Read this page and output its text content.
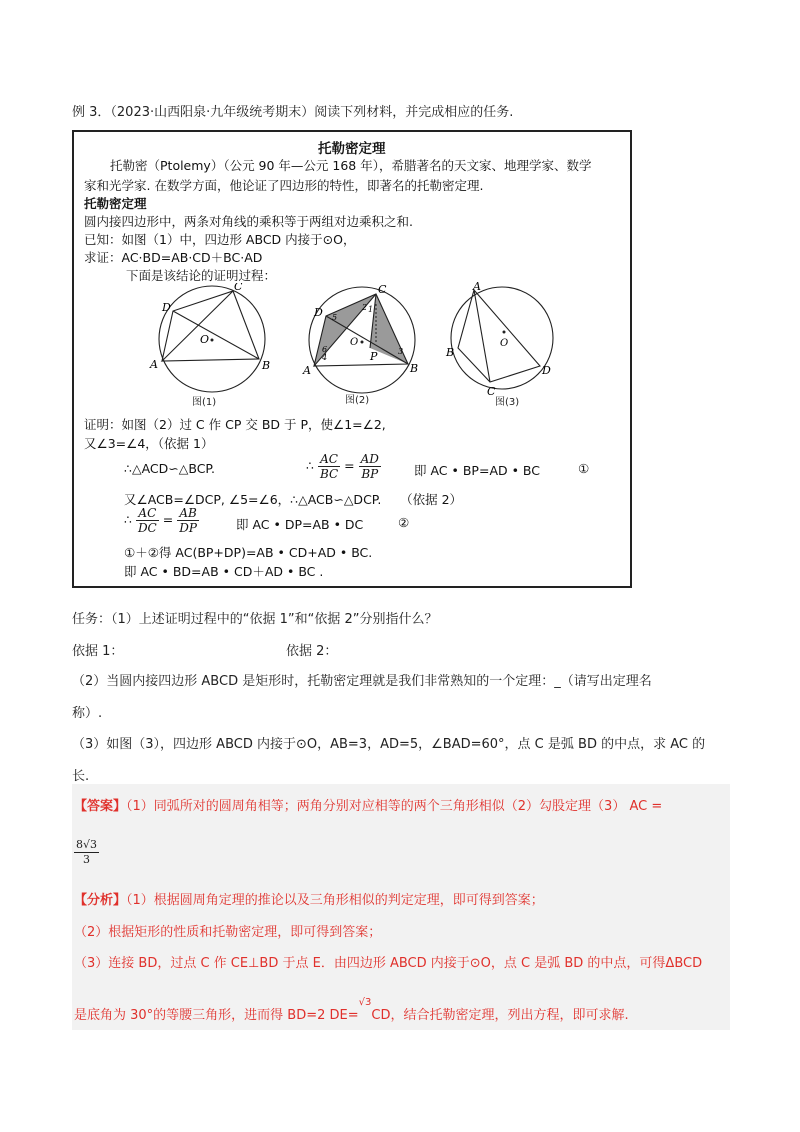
例 3．（2023·山西阳泉·九年级统考期末）阅读下列材料，并完成相应的任务.
托勒密定理
托勒密（Ptolemy）（公元 90 年—公元 168 年），希腊著名的天文家、地理学家、数学
家和光学家. 在数学方面，他论证了四边形的特性，即著名的托勒密定理.
托勒密定理
圆内接四边形中，两条对角线的乘积等于两组对边乘积之和.
已知：如图（1）中，四边形 ABCD 内接于⊙O，
求证：AC·BD=AB·CD＋BC·AD
下面是该结论的证明过程：
A	B
C
D
O
图(1)
A	B
C
D
O
P
1
2
3
4
5
6
图(2)
A
B
C
D
O
图(3)
证明：如图（2）过 C 作 CP 交 BD 于 P，使∠1=∠2,
又∠3=∠4，（依据 1）
∴△ACD∽△BCP.	∴ $\frac{AC}{BC} = \frac{AD}{BP}$	即 AC • BP=AD • BC	①
又∠ACB=∠DCP, ∠5=∠6，∴△ACB∽△DCP.　　（依据 2）
∴ $\frac{AC}{DC} = \frac{AB}{DP}$	即 AC • DP=AB • DC	②
①＋②得 AC(BP+DP)=AB • CD+AD • BC.
即 AC • BD=AB • CD＋AD • BC .
任务：（1）上述证明过程中的“依据 1”和“依据 2”分别指什么？
依据 1：	依据 2：
（2）当圆内接四边形 ABCD 是矩形时，托勒密定理就是我们非常熟知的一个定理：_（请写出定理名
称）.
（3）如图（3），四边形 ABCD 内接于⊙O，AB=3，AD=5，∠BAD=60°，点 C 是弧 BD 的中点，求 AC 的
长.
【答案】（1）同弧所对的圆周角相等；两角分别对应相等的两个三角形相似（2）勾股定理（3） AC =
$\frac{8√3}{3}$
【分析】（1）根据圆周角定理的推论以及三角形相似的判定定理，即可得到答案；
（2）根据矩形的性质和托勒密定理，即可得到答案；
（3）连接 BD，过点 C 作 CE⊥BD 于点 E．由四边形 ABCD 内接于⊙O，点 C 是弧 BD 的中点，可得ΔBCD
是底角为 30°的等腰三角形，进而得 BD=2 DE=$^{√3}$CD，结合托勒密定理，列出方程，即可求解.
